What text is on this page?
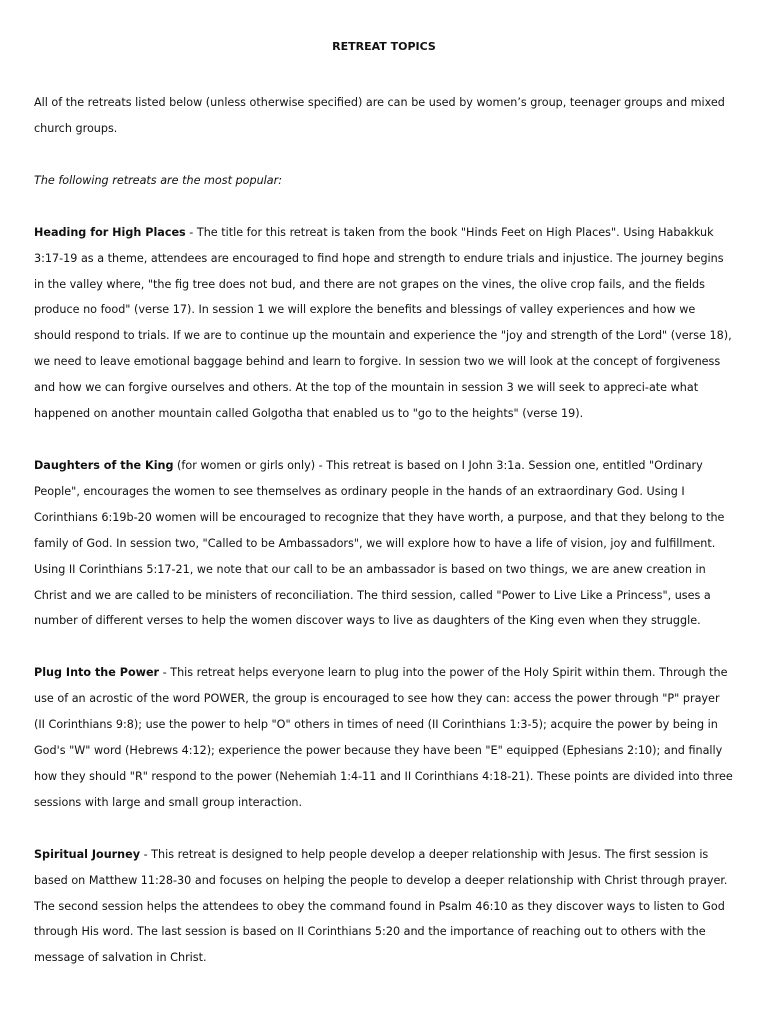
RETREAT TOPICS

All of the retreats listed below (unless otherwise specified) are can be used by women’s group, teenager groups and mixed church groups.

The following retreats are the most popular:

Heading for High Places - The title for this retreat is taken from the book "Hinds Feet on High Places". Using Habakkuk 3:17-19 as a theme, attendees are encouraged to find hope and strength to endure trials and injustice. The journey begins in the valley where, "the fig tree does not bud, and there are not grapes on the vines, the olive crop fails, and the fields produce no food" (verse 17). In session 1 we will explore the benefits and blessings of valley experiences and how we should respond to trials. If we are to continue up the mountain and experience the "joy and strength of the Lord" (verse 18), we need to leave emotional baggage behind and learn to forgive. In session two we will look at the concept of forgiveness and how we can forgive ourselves and others. At the top of the mountain in session 3 we will seek to appreci-ate what happened on another mountain called Golgotha that enabled us to "go to the heights" (verse 19).

Daughters of the King (for women or girls only) - This retreat is based on I John 3:1a. Session one, entitled "Ordinary People", encourages the women to see themselves as ordinary people in the hands of an extraordinary God. Using I Corinthians 6:19b-20 women will be encouraged to recognize that they have worth, a purpose, and that they belong to the family of God. In session two, "Called to be Ambassadors", we will explore how to have a life of vision, joy and fulfillment. Using II Corinthians 5:17-21, we note that our call to be an ambassador is based on two things, we are anew creation in Christ and we are called to be ministers of reconciliation. The third session, called "Power to Live Like a Princess", uses a number of different verses to help the women discover ways to live as daughters of the King even when they struggle.

Plug Into the Power - This retreat helps everyone learn to plug into the power of the Holy Spirit within them. Through the use of an acrostic of the word POWER, the group is encouraged to see how they can: access the power through "P" prayer (II Corinthians 9:8); use the power to help "O" others in times of need (II Corinthians 1:3-5); acquire the power by being in God's "W" word (Hebrews 4:12); experience the power because they have been "E" equipped (Ephesians 2:10); and finally how they should "R" respond to the power (Nehemiah 1:4-11 and II Corinthians 4:18-21). These points are divided into three sessions with large and small group interaction.

Spiritual Journey - This retreat is designed to help people develop a deeper relationship with Jesus. The first session is based on Matthew 11:28-30 and focuses on helping the people to develop a deeper relationship with Christ through prayer. The second session helps the attendees to obey the command found in Psalm 46:10 as they discover ways to listen to God through His word. The last session is based on II Corinthians 5:20 and the importance of reaching out to others with the message of salvation in Christ.
